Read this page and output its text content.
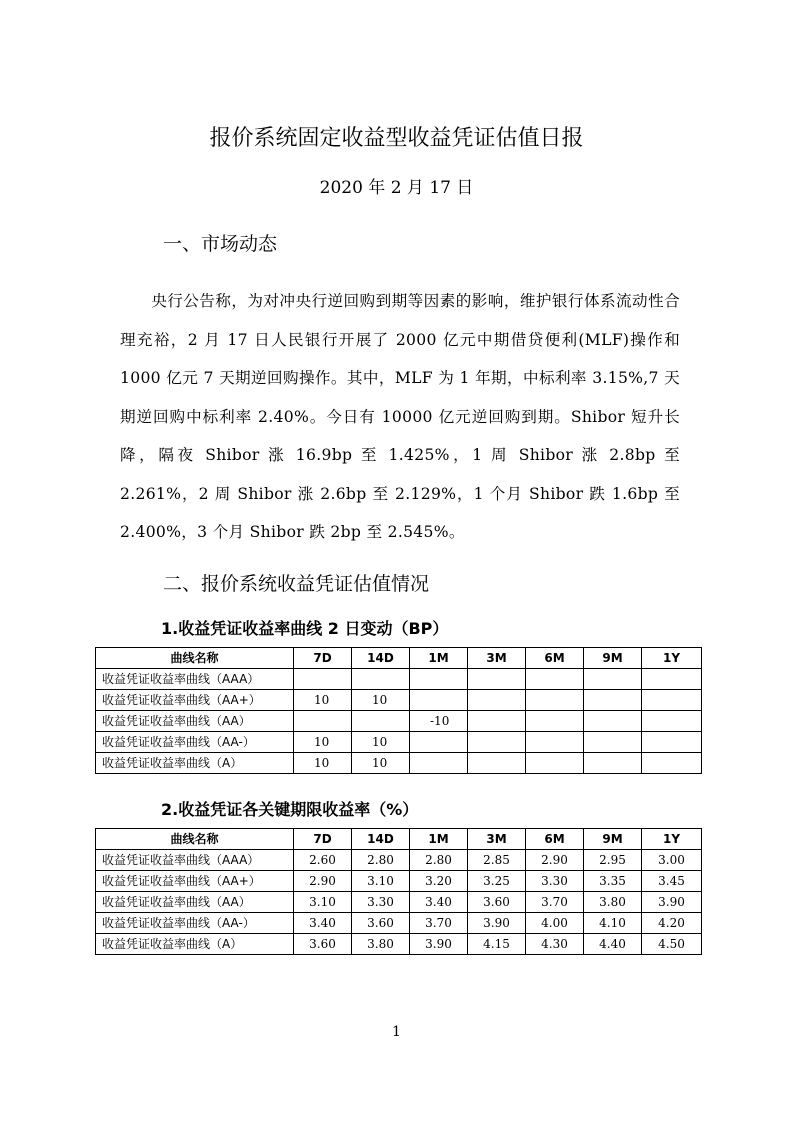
报价系统固定收益型收益凭证估值日报
2020 年 2 月 17 日
一、市场动态
央行公告称，为对冲央行逆回购到期等因素的影响，维护银行体系流动性合理充裕，2 月 17 日人民银行开展了 2000 亿元中期借贷便利(MLF)操作和 1000 亿元 7 天期逆回购操作。其中，MLF 为 1 年期，中标利率 3.15%,7 天期逆回购中标利率 2.40%。今日有 10000 亿元逆回购到期。Shibor 短升长降，隔夜 Shibor 涨 16.9bp 至 1.425%，1 周 Shibor 涨 2.8bp 至 2.261%，2 周 Shibor 涨 2.6bp 至 2.129%，1 个月 Shibor 跌 1.6bp 至 2.400%，3 个月 Shibor 跌 2bp 至 2.545%。
二、报价系统收益凭证估值情况
1.收益凭证收益率曲线 2 日变动（BP）
曲线名称	7D	14D	1M	3M	6M	9M	1Y
收益凭证收益率曲线（AAA）							
收益凭证收益率曲线（AA+）	10	10					
收益凭证收益率曲线（AA）			-10				
收益凭证收益率曲线（AA-）	10	10					
收益凭证收益率曲线（A）	10	10					
2.收益凭证各关键期限收益率（%）
曲线名称	7D	14D	1M	3M	6M	9M	1Y
收益凭证收益率曲线（AAA）	2.60	2.80	2.80	2.85	2.90	2.95	3.00
收益凭证收益率曲线（AA+）	2.90	3.10	3.20	3.25	3.30	3.35	3.45
收益凭证收益率曲线（AA）	3.10	3.30	3.40	3.60	3.70	3.80	3.90
收益凭证收益率曲线（AA-）	3.40	3.60	3.70	3.90	4.00	4.10	4.20
收益凭证收益率曲线（A）	3.60	3.80	3.90	4.15	4.30	4.40	4.50
1
